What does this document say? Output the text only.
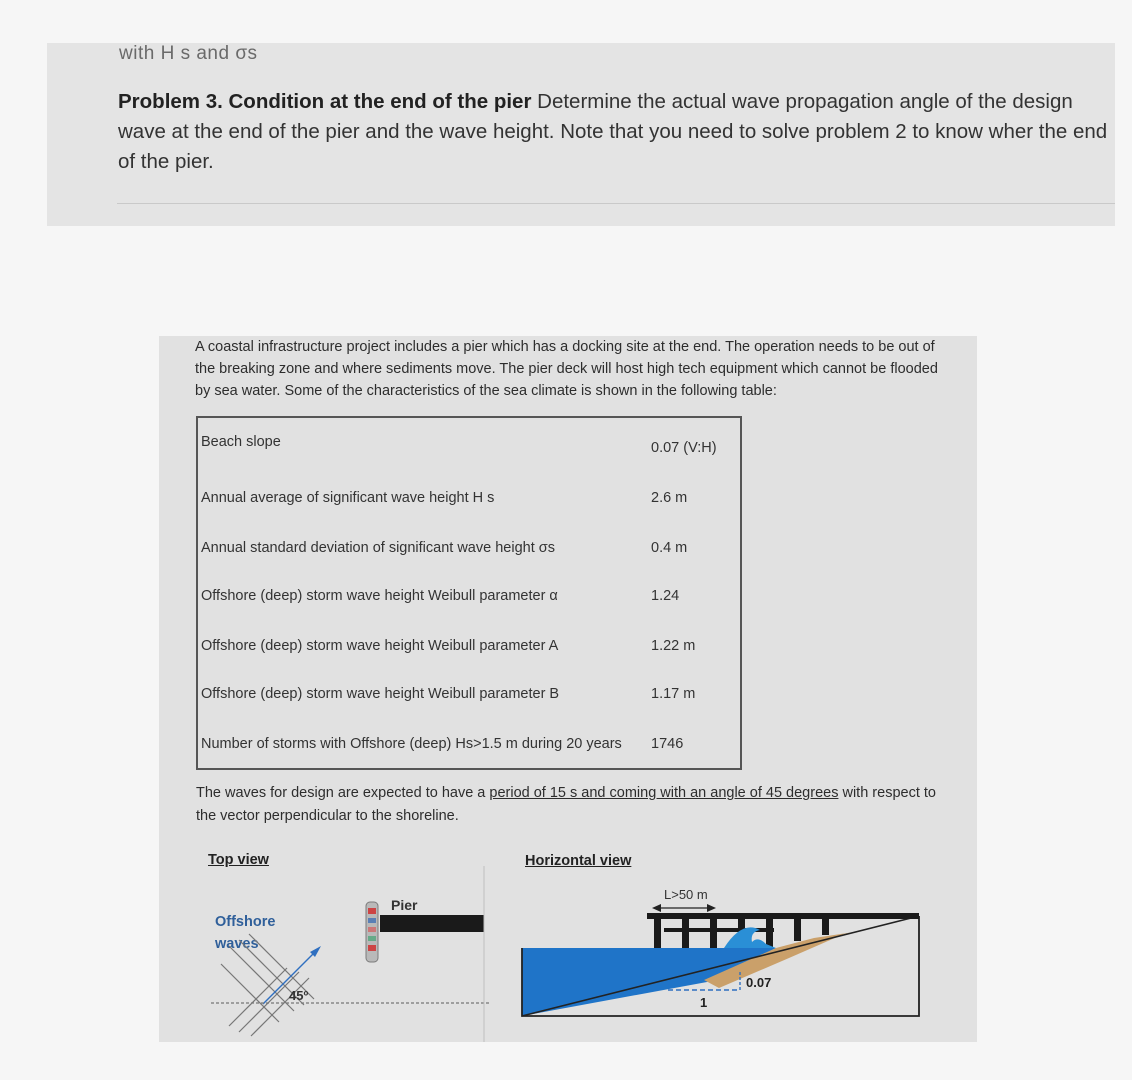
with H s and σs
Problem 3. Condition at the end of the pier Determine the actual wave propagation angle of the design wave at the end of the pier and the wave height. Note that you need to solve problem 2 to know wher the end of the pier.
A coastal infrastructure project includes a pier which has a docking site at the end. The operation needs to be out of the breaking zone and where sediments move. The pier deck will host high tech equipment which cannot be flooded by sea water. Some of the characteristics of the sea climate is shown in the following table:
Beach slope	0.07 (V:H)
Annual average of significant wave height H s	2.6 m
Annual standard deviation of significant wave height σs	0.4 m
Offshore (deep) storm wave height Weibull parameter α	1.24
Offshore (deep) storm wave height Weibull parameter A	1.22 m
Offshore (deep) storm wave height Weibull parameter B	1.17 m
Number of storms with Offshore (deep) Hs>1.5 m during 20 years 1746
The waves for design are expected to have a period of 15 s and coming with an angle of 45 degrees with respect to the vector perpendicular to the shoreline.
Top view	Horizontal view
Offshore waves
45º
Pier
L>50 m
0.07
1
